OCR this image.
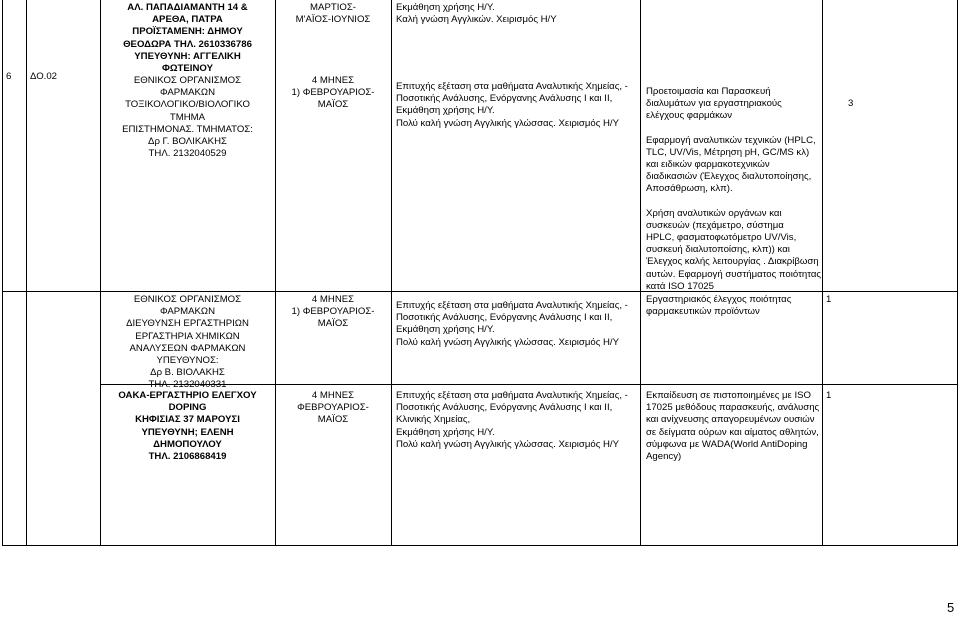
6 ΔΟ.02
ΑΛ. ΠΑΠΑΔΙΑΜΑΝΤΗ 14 &
ΑΡΕΘΑ, ΠΑΤΡΑ
ΠΡΟΪΣΤΑΜΕΝΗ: ΔΗΜΟΥ
ΘΕΟΔΩΡΑ ΤΗΛ. 2610336786
ΥΠΕΥΘΥΝΗ: ΑΓΓΕΛΙΚΗ
ΦΩΤΕΙΝΟΥ
ΕΘΝΙΚΟΣ ΟΡΓΑΝΙΣΜΟΣ
ΦΑΡΜΑΚΩΝ
ΤΟΞΙΚΟΛΟΓΙΚΟ/ΒΙΟΛΟΓΙΚΟ
ΤΜΗΜΑ
ΕΠΙΣΤΗΜΟΝΑΣ. ΤΜΗΜΑΤΟΣ:
Δρ Γ. ΒΟΛΙΚΑΚΗΣ
ΤΗΛ. 2132040529
ΜΑΡΤΙΟΣ-
Μ'ΑΪΟΣ-ΙΟΥΝΙΟΣ
4 ΜΗΝΕΣ
1) ΦΕΒΡΟΥΑΡΙΟΣ-
ΜΑΪΟΣ
Εκμάθηση χρήσης Η/Υ.
Καλή γνώση Αγγλικών. Χειρισμός Η/Υ
Επιτυχής εξέταση στα μαθήματα Αναλυτικής Χημείας, -
Ποσοτικής Ανάλυσης, Ενόργανης Ανάλυσης Ι και ΙΙ,
Εκμάθηση χρήσης Η/Υ.
Πολύ καλή γνώση Αγγλικής γλώσσας. Χειρισμός Η/Υ
Προετοιμασία και Παρασκευή
διαλυμάτων για εργαστηριακούς
ελέγχους φαρμάκων
Εφαρμογή αναλυτικών τεχνικών (HPLC,
TLC, UV/Vis, Μέτρηση pH, GC/MS κλ)
και ειδικών φαρμακοτεχνικών
διαδικασιών (Έλεγχος διαλυτοποίησης,
Αποσάθρωση, κλπ).
Χρήση αναλυτικών οργάνων και
συσκευών (πεχάμετρο, σύστημα
HPLC, φασματοφωτόμετρο UV/Vis,
συσκευή διαλυτοποίσης, κλπ)) και
Έλεγχος καλής λειτουργίας . Διακρίβωση
αυτών. Εφαρμογή συστήματος ποιότητας
κατά ISO 17025
3
ΕΘΝΙΚΟΣ ΟΡΓΑΝΙΣΜΟΣ
ΦΑΡΜΑΚΩΝ
ΔΙΕΥΘΥΝΣΗ ΕΡΓΑΣΤΗΡΙΩΝ
ΕΡΓΑΣΤΗΡΙΑ ΧΗΜΙΚΩΝ
ΑΝΑΛΥΣΕΩΝ ΦΑΡΜΑΚΩΝ
ΥΠΕΥΘΥΝΟΣ:
Δρ Β. ΒΙΟΛΑΚΗΣ
ΤΗΛ. 2132040331
4 ΜΗΝΕΣ
1) ΦΕΒΡΟΥΑΡΙΟΣ-
ΜΑΪΟΣ
Επιτυχής εξέταση στα μαθήματα Αναλυτικής Χημείας, -
Ποσοτικής Ανάλυσης, Ενόργανης Ανάλυσης Ι και ΙΙ,
Εκμάθηση χρήσης Η/Υ.
Πολύ καλή γνώση Αγγλικής γλώσσας. Χειρισμός Η/Υ
Εργαστηριακός έλεγχος ποιότητας
φαρμακευτικών προϊόντων
1
ΟΑΚΑ-ΕΡΓΑΣΤΗΡΙΟ ΕΛΕΓΧΟΥ
DOPING
ΚΗΦΙΣΙΑΣ 37 ΜΑΡΟΥΣΙ
ΥΠΕΥΘΥΝΗ; ΕΛΕΝΗ
ΔΗΜΟΠΟΥΛΟΥ
ΤΗΛ. 2106868419
4 ΜΗΝΕΣ
ΦΕΒΡΟΥΑΡΙΟΣ-
ΜΑΪΟΣ
Επιτυχής εξέταση στα μαθήματα Αναλυτικής Χημείας, -
Ποσοτικής Ανάλυσης, Ενόργανης Ανάλυσης Ι και ΙΙ,
Κλινικής Χημείας,
Εκμάθηση χρήσης Η/Υ.
Πολύ καλή γνώση Αγγλικής γλώσσας. Χειρισμός Η/Υ
Εκπαίδευση σε πιστοποιημένες με ISO
17025 μεθόδους παρασκευής, ανάλυσης
και ανίχνευσης απαγορευμένων ουσιών
σε δείγματα ούρων και αίματος αθλητών,
σύμφωνα με WADA(World AntiDoping
Agency)
1
5
